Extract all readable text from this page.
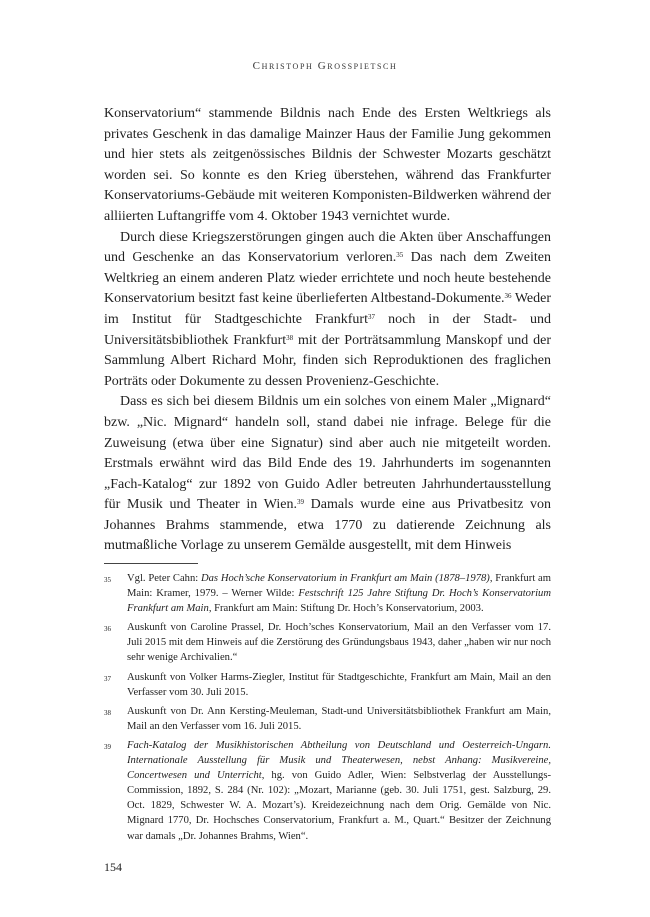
Christoph Grosspietsch

Konservatorium“ stammende Bildnis nach Ende des Ersten Weltkriegs als privates Geschenk in das damalige Mainzer Haus der Familie Jung gekommen und hier stets als zeitgenössisches Bildnis der Schwester Mozarts geschätzt worden sei. So konnte es den Krieg überstehen, während das Frankfurter Konservatoriums-Gebäude mit weiteren Komponisten-Bildwerken während der alliierten Luftangriffe vom 4. Oktober 1943 vernichtet wurde.

Durch diese Kriegszerstörungen gingen auch die Akten über Anschaffungen und Geschenke an das Konservatorium verloren.$^{35}$ Das nach dem Zweiten Weltkrieg an einem anderen Platz wieder errichtete und noch heute bestehende Konservatorium besitzt fast keine überlieferten Altbestand-Dokumente.$^{36}$ Weder im Institut für Stadtgeschichte Frankfurt$^{37}$ noch in der Stadt- und Universitätsbibliothek Frankfurt$^{38}$ mit der Porträtsammlung Manskopf und der Sammlung Albert Richard Mohr, finden sich Reproduktionen des fraglichen Porträts oder Dokumente zu dessen Provenienz-Geschichte.

Dass es sich bei diesem Bildnis um ein solches von einem Maler „Mignard“ bzw. „Nic. Mignard“ handeln soll, stand dabei nie infrage. Belege für die Zuweisung (etwa über eine Signatur) sind aber auch nie mitgeteilt worden. Erstmals erwähnt wird das Bild Ende des 19. Jahrhunderts im sogenannten „Fach-Katalog“ zur 1892 von Guido Adler betreuten Jahrhundertausstellung für Musik und Theater in Wien.$^{39}$ Damals wurde eine aus Privatbesitz von Johannes Brahms stammende, etwa 1770 zu datierende Zeichnung als mutmaßliche Vorlage zu unserem Gemälde ausgestellt, mit dem Hinweis

35 Vgl. Peter Cahn: Das Hoch’sche Konservatorium in Frankfurt am Main (1878–1978), Frankfurt am Main: Kramer, 1979. – Werner Wilde: Festschrift 125 Jahre Stiftung Dr. Hoch’s Konservatorium Frankfurt am Main, Frankfurt am Main: Stiftung Dr. Hoch’s Konservatorium, 2003.
36 Auskunft von Caroline Prassel, Dr. Hoch’sches Konservatorium, Mail an den Verfasser vom 17. Juli 2015 mit dem Hinweis auf die Zerstörung des Gründungsbaus 1943, daher „haben wir nur noch sehr wenige Archivalien.“
37 Auskunft von Volker Harms-Ziegler, Institut für Stadtgeschichte, Frankfurt am Main, Mail an den Verfasser vom 30. Juli 2015.
38 Auskunft von Dr. Ann Kersting-Meuleman, Stadt-und Universitätsbibliothek Frankfurt am Main, Mail an den Verfasser vom 16. Juli 2015.
39 Fach-Katalog der Musikhistorischen Abtheilung von Deutschland und Oesterreich-Ungarn. Internationale Ausstellung für Musik und Theaterwesen, nebst Anhang: Musikvereine, Concertwesen und Unterricht, hg. von Guido Adler, Wien: Selbstverlag der Ausstellungs-Commission, 1892, S. 284 (Nr. 102): „Mozart, Marianne (geb. 30. Juli 1751, gest. Salzburg, 29. Oct. 1829, Schwester W. A. Mozart’s). Kreidezeichnung nach dem Orig. Gemälde von Nic. Mignard 1770, Dr. Hochsches Conservatorium, Frankfurt a. M., Quart.“ Besitzer der Zeichnung war damals „Dr. Johannes Brahms, Wien“.
154
